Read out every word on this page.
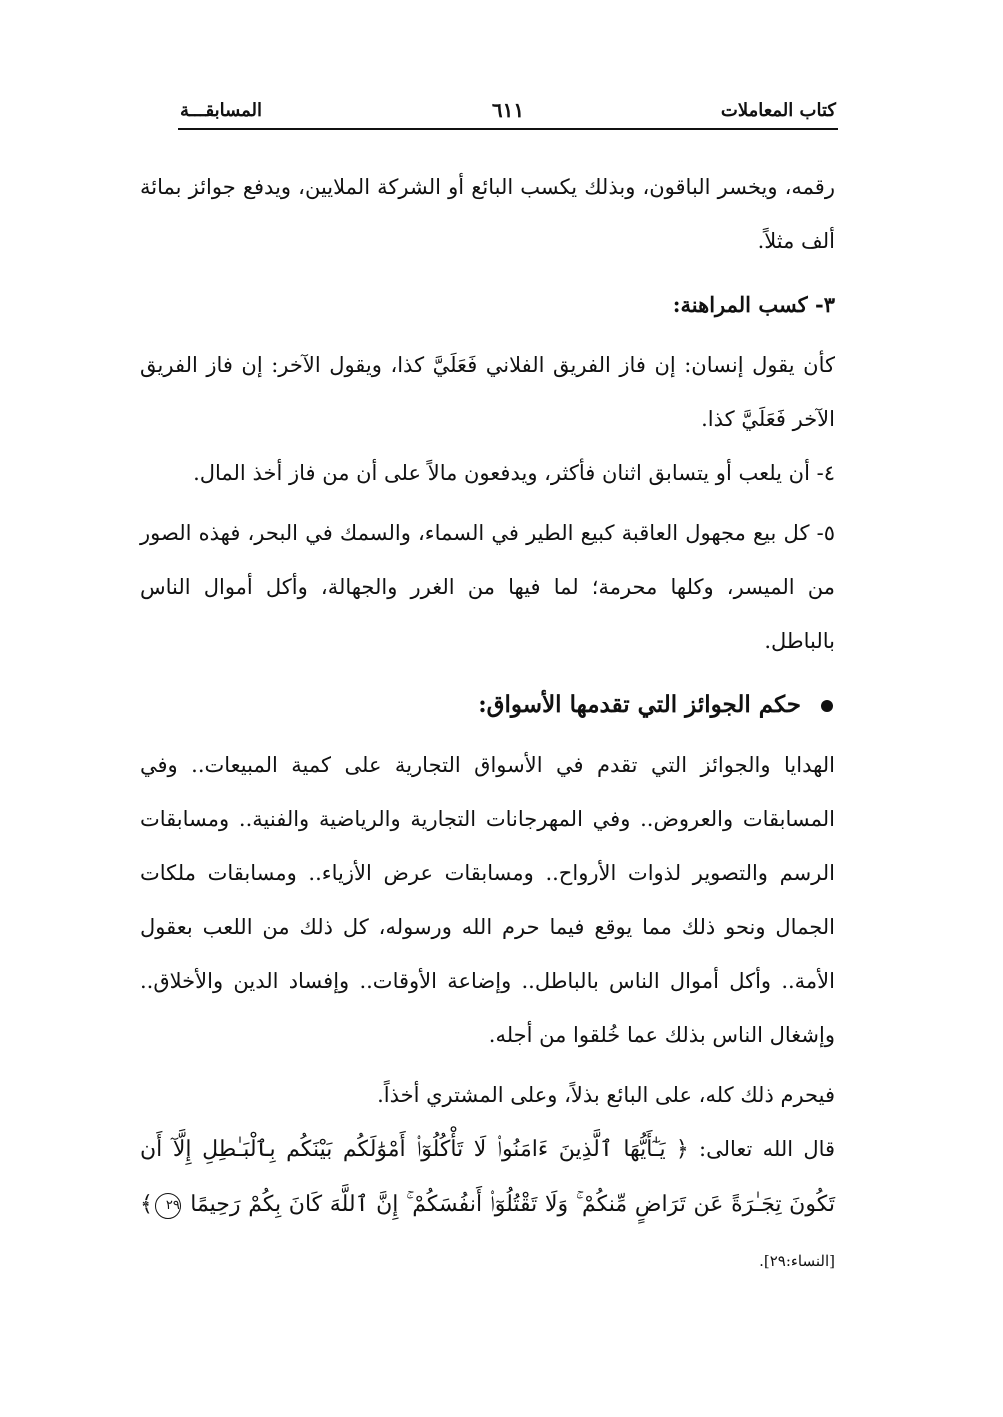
كتاب المعاملات
٦١١
المسابقـــة

رقمه، ويخسر الباقون، وبذلك يكسب البائع أو الشركة الملايين، ويدفع جوائز بمائة ألف مثلاً.

٣- كسب المراهنة:

كأن يقول إنسان: إن فاز الفريق الفلاني فَعَلَيَّ كذا، ويقول الآخر: إن فاز الفريق الآخر فَعَلَيَّ كذا.

٤- أن يلعب أو يتسابق اثنان فأكثر، ويدفعون مالاً على أن من فاز أخذ المال.

٥- كل بيع مجهول العاقبة كبيع الطير في السماء، والسمك في البحر، فهذه الصور من الميسر، وكلها محرمة؛ لما فيها من الغرر والجهالة، وأكل أموال الناس بالباطل.

حكم الجوائز التي تقدمها الأسواق:

الهدايا والجوائز التي تقدم في الأسواق التجارية على كمية المبيعات.. وفي المسابقات والعروض.. وفي المهرجانات التجارية والرياضية والفنية.. ومسابقات الرسم والتصوير لذوات الأرواح.. ومسابقات عرض الأزياء.. ومسابقات ملكات الجمال ونحو ذلك مما يوقع فيما حرم الله ورسوله، كل ذلك من اللعب بعقول الأمة.. وأكل أموال الناس بالباطل.. وإضاعة الأوقات.. وإفساد الدين والأخلاق.. وإشغال الناس بذلك عما خُلقوا من أجله.

فيحرم ذلك كله، على البائع بذلاً، وعلى المشتري أخذاً.

قال الله تعالى: ﴿ يَـٰٓأَيُّهَا ٱلَّذِينَ ءَامَنُوا۟ لَا تَأْكُلُوٓا۟ أَمْوَٰلَكُم بَيْنَكُم بِٱلْبَـٰطِلِ إِلَّآ أَن تَكُونَ تِجَـٰرَةً عَن تَرَاضٍ مِّنكُمْ ۚ وَلَا تَقْتُلُوٓا۟ أَنفُسَكُمْ ۚ إِنَّ ٱللَّهَ كَانَ بِكُمْ رَحِيمًا ٢٩﴾ [النساء:٢٩].
